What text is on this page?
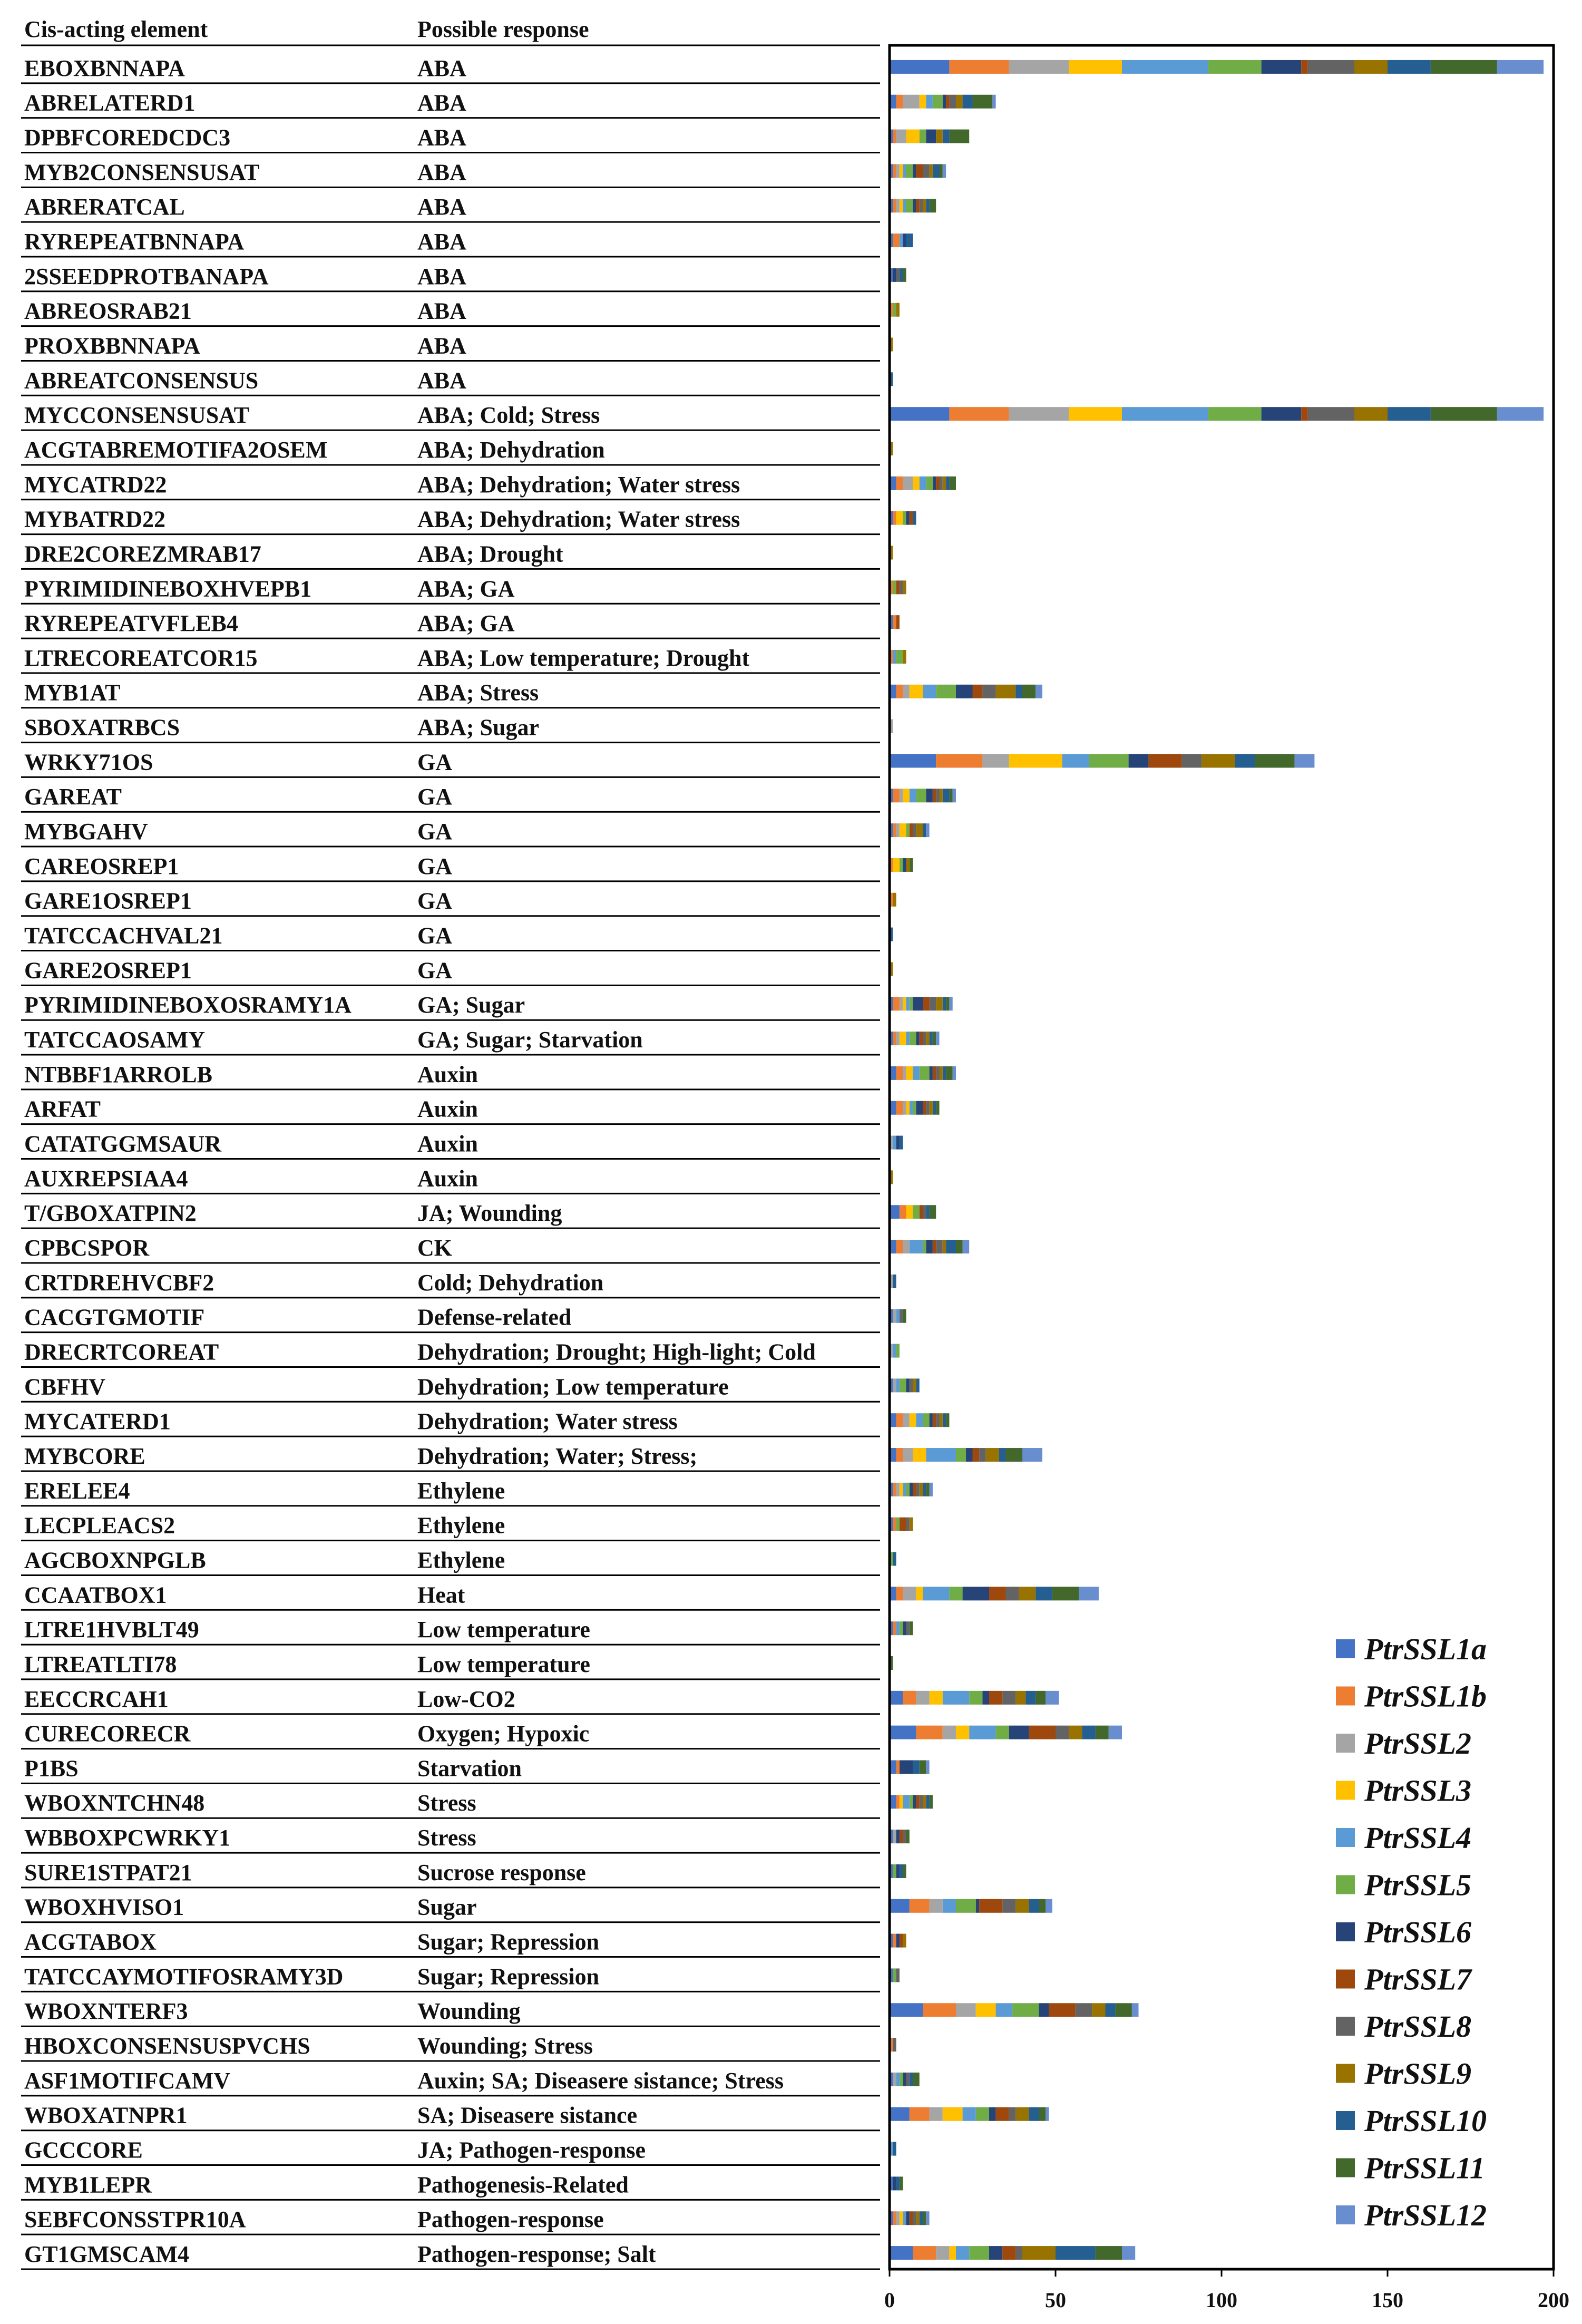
Cis-acting element	Possible response
EBOXBNNAPA	ABA
ABRELATERD1	ABA
DPBFCOREDCDC3	ABA
MYB2CONSENSUSAT	ABA
ABRERATCAL	ABA
RYREPEATBNNAPA	ABA
2SSEEDPROTBANAPA	ABA
ABREOSRAB21	ABA
PROXBBNNAPA	ABA
ABREATCONSENSUS	ABA
MYCCONSENSUSAT	ABA; Cold; Stress
ACGTABREMOTIFA2OSEM	ABA; Dehydration
MYCATRD22	ABA; Dehydration; Water stress
MYBATRD22	ABA; Dehydration; Water stress
DRE2COREZMRAB17	ABA; Drought
PYRIMIDINEBOXHVEPB1	ABA; GA
RYREPEATVFLEB4	ABA; GA
LTRECOREATCOR15	ABA; Low temperature; Drought
MYB1AT	ABA; Stress
SBOXATRBCS	ABA; Sugar
WRKY71OS	GA
GAREAT	GA
MYBGAHV	GA
CAREOSREP1	GA
GARE1OSREP1	GA
TATCCACHVAL21	GA
GARE2OSREP1	GA
PYRIMIDINEBOXOSRAMY1A	GA; Sugar
TATCCAOSAMY	GA; Sugar; Starvation
NTBBF1ARROLB	Auxin
ARFAT	Auxin
CATATGGMSAUR	Auxin
AUXREPSIAA4	Auxin
T/GBOXATPIN2	JA; Wounding
CPBCSPOR	CK
CRTDREHVCBF2	Cold; Dehydration
CACGTGMOTIF	Defense-related
DRECRTCOREAT	Dehydration; Drought; High-light; Cold
CBFHV	Dehydration; Low temperature
MYCATERD1	Dehydration; Water stress
MYBCORE	Dehydration; Water; Stress;
ERELEE4	Ethylene
LECPLEACS2	Ethylene
AGCBOXNPGLB	Ethylene
CCAATBOX1	Heat
LTRE1HVBLT49	Low temperature
LTREATLTI78	Low temperature
EECCRCAH1	Low-CO2
CURECORECR	Oxygen; Hypoxic
P1BS	Starvation
WBOXNTCHN48	Stress
WBBOXPCWRKY1	Stress
SURE1STPAT21	Sucrose response
WBOXHVISO1	Sugar
ACGTABOX	Sugar; Repression
TATCCAYMOTIFOSRAMY3D	Sugar; Repression
WBOXNTERF3	Wounding
HBOXCONSENSUSPVCHS	Wounding; Stress
ASF1MOTIFCAMV	Auxin; SA; Diseasere sistance; Stress
WBOXATNPR1	SA; Diseasere sistance
GCCCORE	JA; Pathogen-response
MYB1LEPR	Pathogenesis-Related
SEBFCONSSTPR10A	Pathogen-response
GT1GMSCAM4	Pathogen-response; Salt
0	50	100	150	200
PtrSSL1a
PtrSSL1b
PtrSSL2
PtrSSL3
PtrSSL4
PtrSSL5
PtrSSL6
PtrSSL7
PtrSSL8
PtrSSL9
PtrSSL10
PtrSSL11
PtrSSL12
